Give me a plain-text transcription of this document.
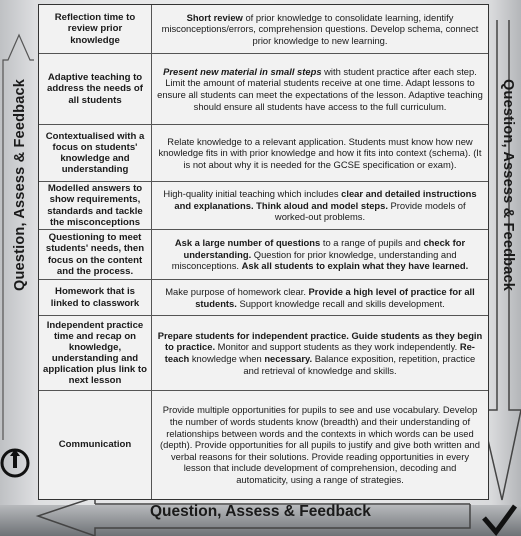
Question, Assess & Feedback	Question, Assess & Feedback
Question, Assess & Feedback
Reflection time to review prior knowledge
Short review of prior knowledge to consolidate learning, identify misconceptions/errors, comprehension questions. Develop schema, connect prior knowledge to new learning.
Adaptive teaching to address the needs of all students
Present new material in small steps with student practice after each step. Limit the amount of material students receive at one time. Adapt lessons to ensure all students can meet the expectations of the lesson. Adaptive teaching should ensure all students have access to the full curriculum.
Contextualised with a focus on students' knowledge and understanding
Relate knowledge to a relevant application. Students must know how new knowledge fits in with prior knowledge and how it fits into context (schema). (It is not about why it is needed for the GCSE specification or exam).
Modelled answers to show requirements, standards and tackle the misconceptions
High-quality initial teaching which includes clear and detailed instructions and explanations. Think aloud and model steps. Provide models of worked-out problems.
Questioning to meet students' needs, then focus on the content and the process.
Ask a large number of questions to a range of pupils and check for understanding. Question for prior knowledge, understanding and misconceptions. Ask all students to explain what they have learned.
Homework that is linked to classwork
Make purpose of homework clear. Provide a high level of practice for all students. Support knowledge recall and skills development.
Independent practice time and recap on knowledge, understanding and application plus link to next lesson
Prepare students for independent practice. Guide students as they begin to practice. Monitor and support students as they work independently. Re-teach knowledge when necessary. Balance exposition, repetition, practice and retrieval of knowledge and skills.
Communication
Provide multiple opportunities for pupils to see and use vocabulary. Develop the number of words students know (breadth) and their understanding of relationships between words and the contexts in which words can be used (depth). Provide opportunities for all pupils to justify and give both written and verbal reasons for their solutions. Provide reading opportunities in every lesson that include development of comprehension, decoding and automaticity, using a range of strategies.
